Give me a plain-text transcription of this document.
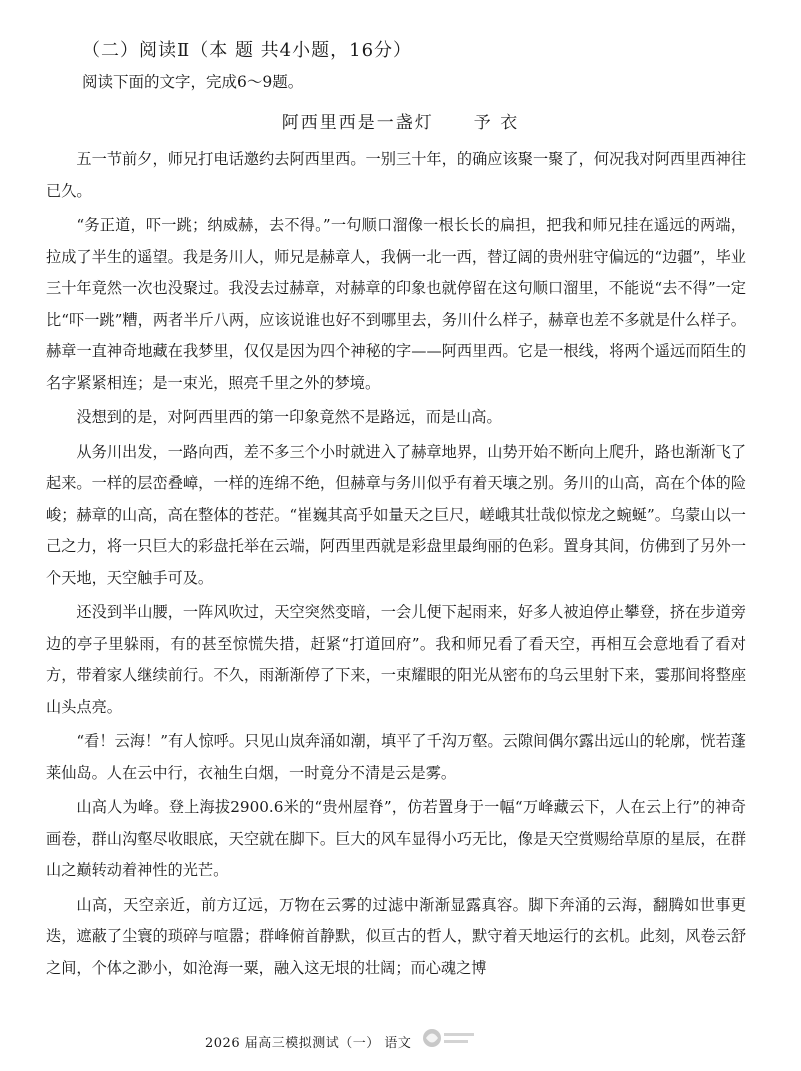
（二）阅读Ⅱ（本 题 共4小题，16分）
阅读下面的文字，完成6～9题。
阿西里西是一盏灯 予 衣

五一节前夕，师兄打电话邀约去阿西里西。一别三十年，的确应该聚一聚了，何况我对阿西里西神往已久。

“务正道，吓一跳；纳威赫，去不得。”一句顺口溜像一根长长的扁担，把我和师兄挂在遥远的两端，拉成了半生的遥望。我是务川人，师兄是赫章人，我俩一北一西，替辽阔的贵州驻守偏远的“边疆”，毕业三十年竟然一次也没聚过。我没去过赫章，对赫章的印象也就停留在这句顺口溜里，不能说“去不得”一定比“吓一跳”糟，两者半斤八两，应该说谁也好不到哪里去，务川什么样子，赫章也差不多就是什么样子。赫章一直神奇地藏在我梦里，仅仅是因为四个神秘的字——阿西里西。它是一根线，将两个遥远而陌生的名字紧紧相连；是一束光，照亮千里之外的梦境。

没想到的是，对阿西里西的第一印象竟然不是路远，而是山高。

从务川出发，一路向西，差不多三个小时就进入了赫章地界，山势开始不断向上爬升，路也渐渐飞了起来。一样的层峦叠嶂，一样的连绵不绝，但赫章与务川似乎有着天壤之别。务川的山高，高在个体的险峻；赫章的山高，高在整体的苍茫。“崔巍其高乎如量天之巨尺，嵯峨其壮哉似惊龙之蜿蜒”。乌蒙山以一己之力，将一只巨大的彩盘托举在云端，阿西里西就是彩盘里最绚丽的色彩。置身其间，仿佛到了另外一个天地，天空触手可及。

还没到半山腰，一阵风吹过，天空突然变暗，一会儿便下起雨来，好多人被迫停止攀登，挤在步道旁边的亭子里躲雨，有的甚至惊慌失措，赶紧“打道回府”。我和师兄看了看天空，再相互会意地看了看对方，带着家人继续前行。不久，雨渐渐停了下来，一束耀眼的阳光从密布的乌云里射下来，霎那间将整座山头点亮。

“看！云海！”有人惊呼。只见山岚奔涌如潮，填平了千沟万壑。云隙间偶尔露出远山的轮廓，恍若蓬莱仙岛。人在云中行，衣袖生白烟，一时竟分不清是云是雾。

山高人为峰。登上海拔2900.6米的“贵州屋脊”，仿若置身于一幅“万峰藏云下，人在云上行”的神奇画卷，群山沟壑尽收眼底，天空就在脚下。巨大的风车显得小巧无比，像是天空赏赐给草原的星辰，在群山之巅转动着神性的光芒。

山高，天空亲近，前方辽远，万物在云雾的过滤中渐渐显露真容。脚下奔涌的云海，翻腾如世事更迭，遮蔽了尘寰的琐碎与喧嚣；群峰俯首静默，似亘古的哲人，默守着天地运行的玄机。此刻，风卷云舒之间，个体之渺小，如沧海一粟，融入这无垠的壮阔；而心魂之博

2026 届高三模拟测试（一） 语文
